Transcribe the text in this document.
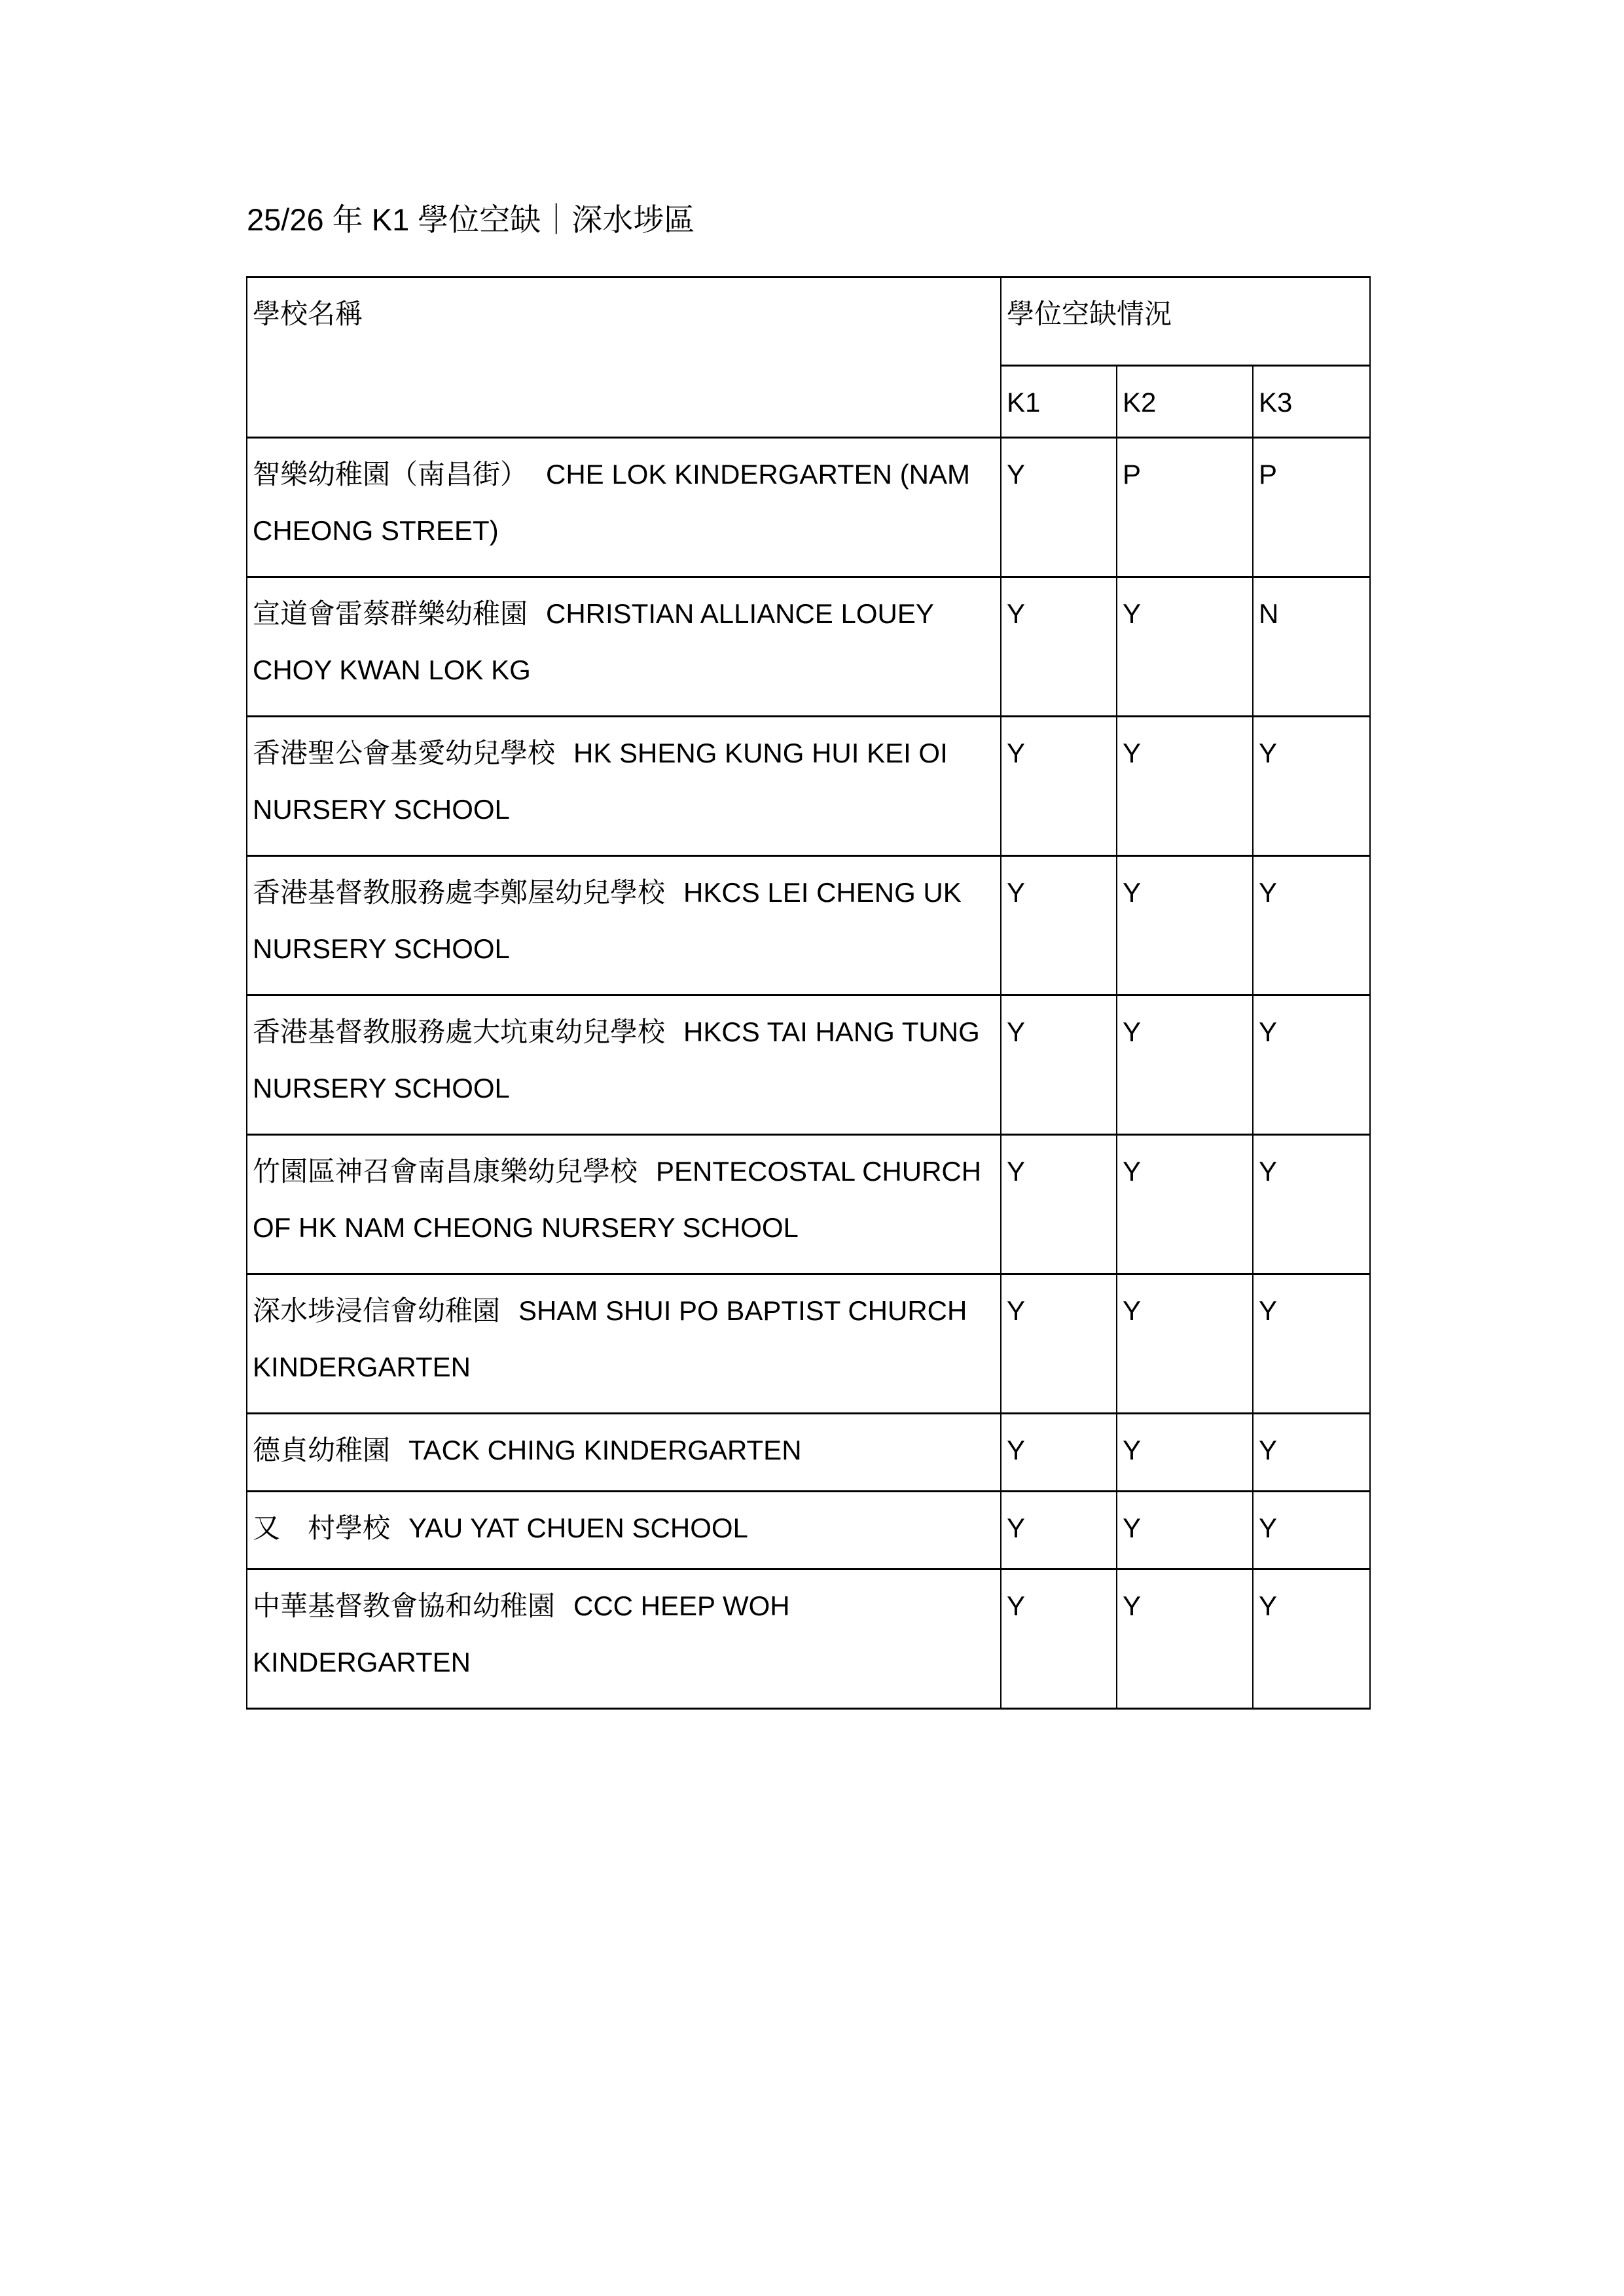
25/26 年 K1 學位空缺｜深水埗區
學校名稱	學位空缺情況		
	K1	K2	K3
智樂幼稚園（南昌街） CHE LOK KINDERGARTEN (NAM CHEONG STREET)	Y	P	P
宣道會雷蔡群樂幼稚園 CHRISTIAN ALLIANCE LOUEY CHOY KWAN LOK KG	Y	Y	N
香港聖公會基愛幼兒學校 HK SHENG KUNG HUI KEI OI NURSERY SCHOOL	Y	Y	Y
香港基督教服務處李鄭屋幼兒學校 HKCS LEI CHENG UK NURSERY SCHOOL	Y	Y	Y
香港基督教服務處大坑東幼兒學校 HKCS TAI HANG TUNG NURSERY SCHOOL	Y	Y	Y
竹園區神召會南昌康樂幼兒學校 PENTECOSTAL CHURCH OF HK NAM CHEONG NURSERY SCHOOL	Y	Y	Y
深水埗浸信會幼稚園 SHAM SHUI PO BAPTIST CHURCH KINDERGARTEN	Y	Y	Y
德貞幼稚園 TACK CHING KINDERGARTEN	Y	Y	Y
又　村學校 YAU YAT CHUEN SCHOOL	Y	Y	Y
中華基督教會協和幼稚園 CCC HEEP WOH KINDERGARTEN	Y	Y	Y
